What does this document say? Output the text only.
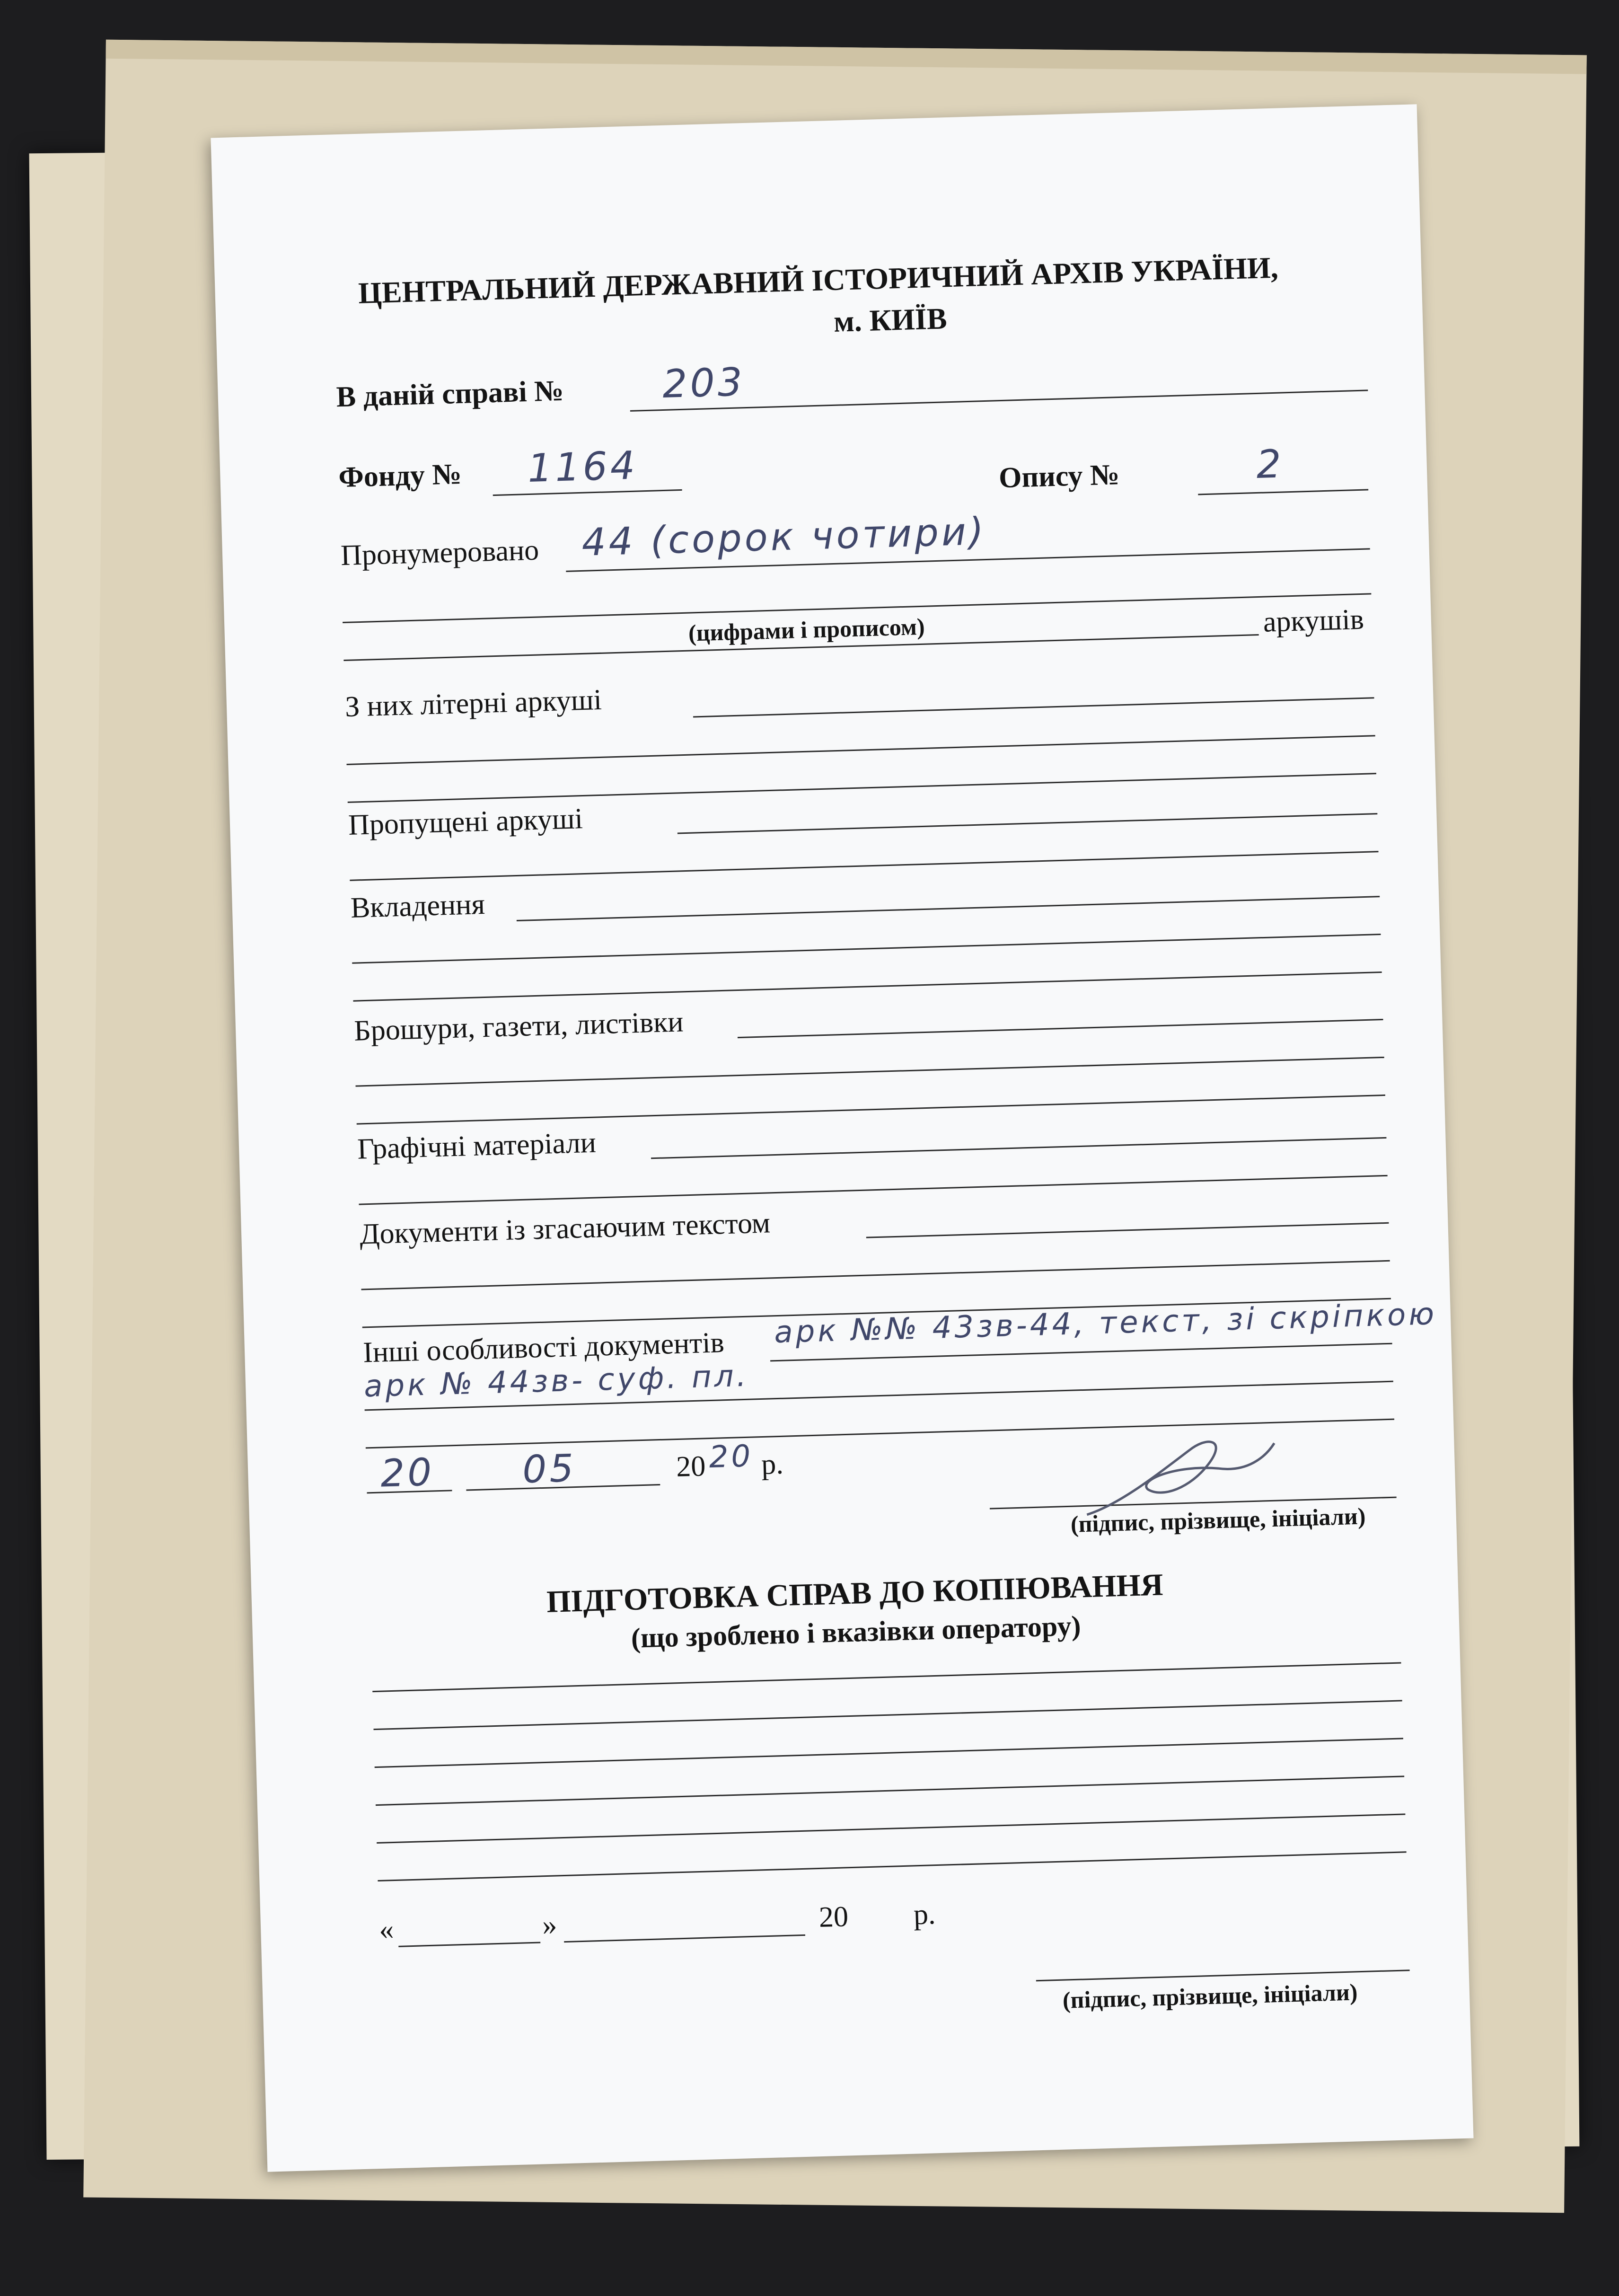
ЦЕНТРАЛЬНИЙ ДЕРЖАВНИЙ ІСТОРИЧНИЙ АРХІВ УКРАЇНИ,
м. КИЇВ
В даній справі №	203
Фонду № 1164	Опису №	2
Пронумеровано 44 (сорок чотири)
(цифрами і прописом)	аркушів
З них літерні аркуші
Пропущені аркуші
Вкладення
Брошури, газети, листівки
Графічні матеріали
Документи із згасаючим текстом
Інші особливості документів арк №№ 43зв-44, текст, зі скріпкою
арк № 44зв- суф. пл.
20 05	20 20 р.
(підпис, прізвище, ініціали)
ПІДГОТОВКА СПРАВ ДО КОПІЮВАННЯ
(що зроблено і вказівки оператору)
«	»	20 р.
(підпис, прізвище, ініціали)
